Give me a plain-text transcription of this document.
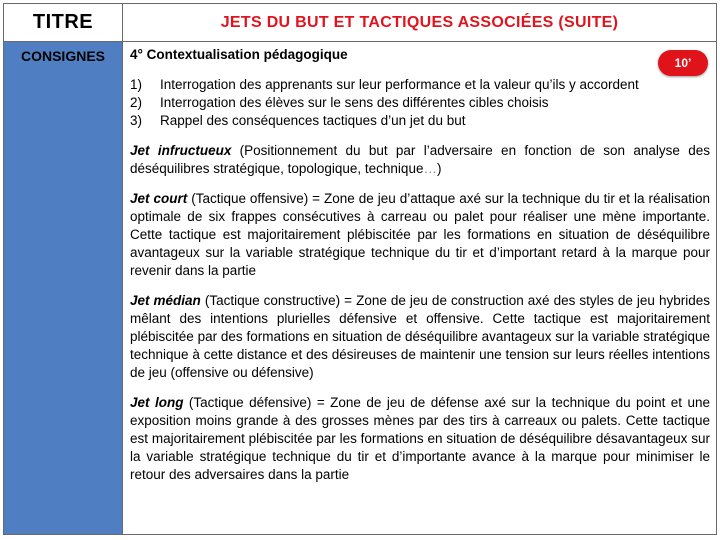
TITRE	JETS DU BUT ET TACTIQUES ASSOCIÉES (SUITE)
CONSIGNES	4° Contextualisation pédagogique
10’
1)	Interrogation des apprenants sur leur performance et la valeur qu’ils y accordent
2)	Interrogation des élèves sur le sens des différentes cibles choisis
3)	Rappel des conséquences tactiques d’un jet du but

Jet infructueux (Positionnement du but par l’adversaire en fonction de son analyse des déséquilibres stratégique, topologique, technique…)

Jet court (Tactique offensive) = Zone de jeu d’attaque axé sur la technique du tir et la réalisation optimale de six frappes consécutives à carreau ou palet pour réaliser une mène importante. Cette tactique est majoritairement plébiscitée par les formations en situation de déséquilibre avantageux sur la variable stratégique technique du tir et d’important retard à la marque pour revenir dans la partie

Jet médian (Tactique constructive) = Zone de jeu de construction axé des styles de jeu hybrides mêlant des intentions plurielles défensive et offensive. Cette tactique est majoritairement plébiscitée par des formations en situation de déséquilibre avantageux sur la variable stratégique technique à cette distance et des désireuses de maintenir une tension sur leurs réelles intentions de jeu (offensive ou défensive)

Jet long (Tactique défensive) = Zone de jeu de défense axé sur la technique du point et une exposition moins grande à des grosses mènes par des tirs à carreaux ou palets. Cette tactique est majoritairement plébiscitée par les formations en situation de déséquilibre désavantageux sur la variable stratégique technique du tir et d’importante avance à la marque pour minimiser le retour des adversaires dans la partie
